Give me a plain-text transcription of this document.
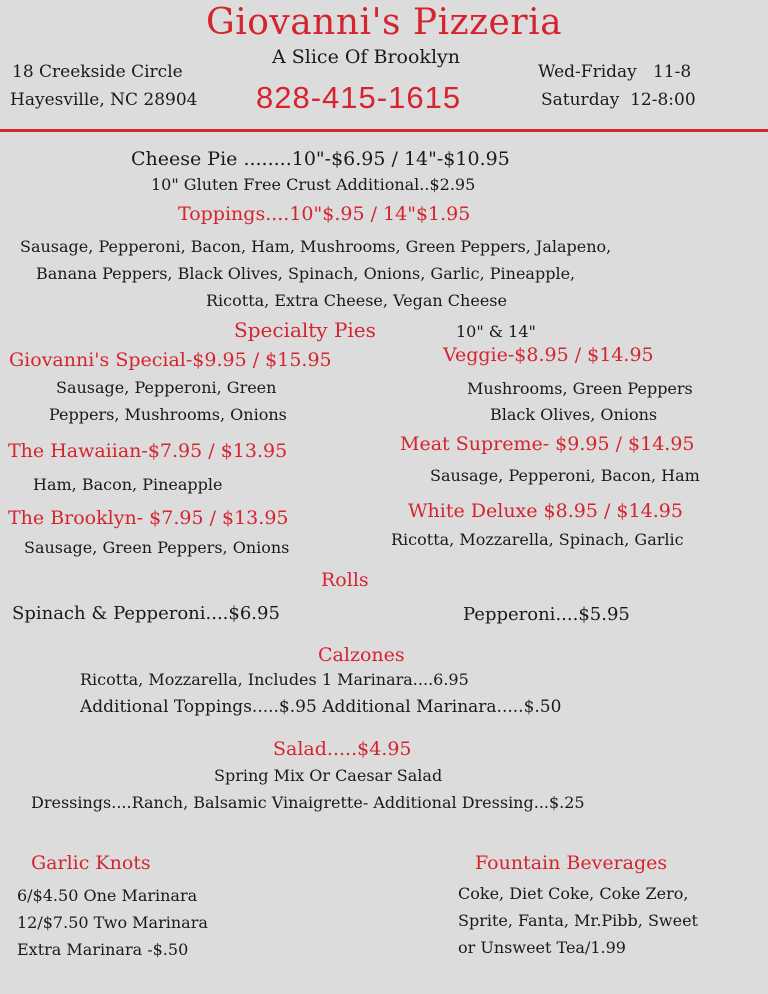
Giovanni's Pizzeria
A Slice Of Brooklyn
18 Creekside Circle
Hayesville, NC 28904 828-415-1615
Wed-Friday   11-8
Saturday  12-8:00
Cheese Pie ........10"-$6.95 / 14"-$10.95
10" Gluten Free Crust Additional..$2.95
Toppings....10"$.95 / 14"$1.95
Sausage, Pepperoni, Bacon, Ham, Mushrooms, Green Peppers, Jalapeno,
Banana Peppers, Black Olives, Spinach, Onions, Garlic, Pineapple,
Ricotta, Extra Cheese, Vegan Cheese
Specialty Pies	10" & 14"
Giovanni's Special-$9.95 / $15.95
Sausage, Pepperoni, Green
Peppers, Mushrooms, Onions
Veggie-$8.95 / $14.95
Mushrooms, Green Peppers
Black Olives, Onions
The Hawaiian-$7.95 / $13.95
Ham, Bacon, Pineapple
Meat Supreme- $9.95 / $14.95
Sausage, Pepperoni, Bacon, Ham
The Brooklyn- $7.95 / $13.95
Sausage, Green Peppers, Onions
White Deluxe $8.95 / $14.95
Ricotta, Mozzarella, Spinach, Garlic
Rolls
Spinach & Pepperoni....$6.95	Pepperoni....$5.95
Calzones
Ricotta, Mozzarella, Includes 1 Marinara....6.95
Additional Toppings.....$.95 Additional Marinara.....$.50
Salad.....$4.95
Spring Mix Or Caesar Salad
Dressings....Ranch, Balsamic Vinaigrette- Additional Dressing...$.25
Garlic Knots
6/$4.50 One Marinara
12/$7.50 Two Marinara
Extra Marinara -$.50
Fountain Beverages
Coke, Diet Coke, Coke Zero,
Sprite, Fanta, Mr.Pibb, Sweet
or Unsweet Tea/1.99
